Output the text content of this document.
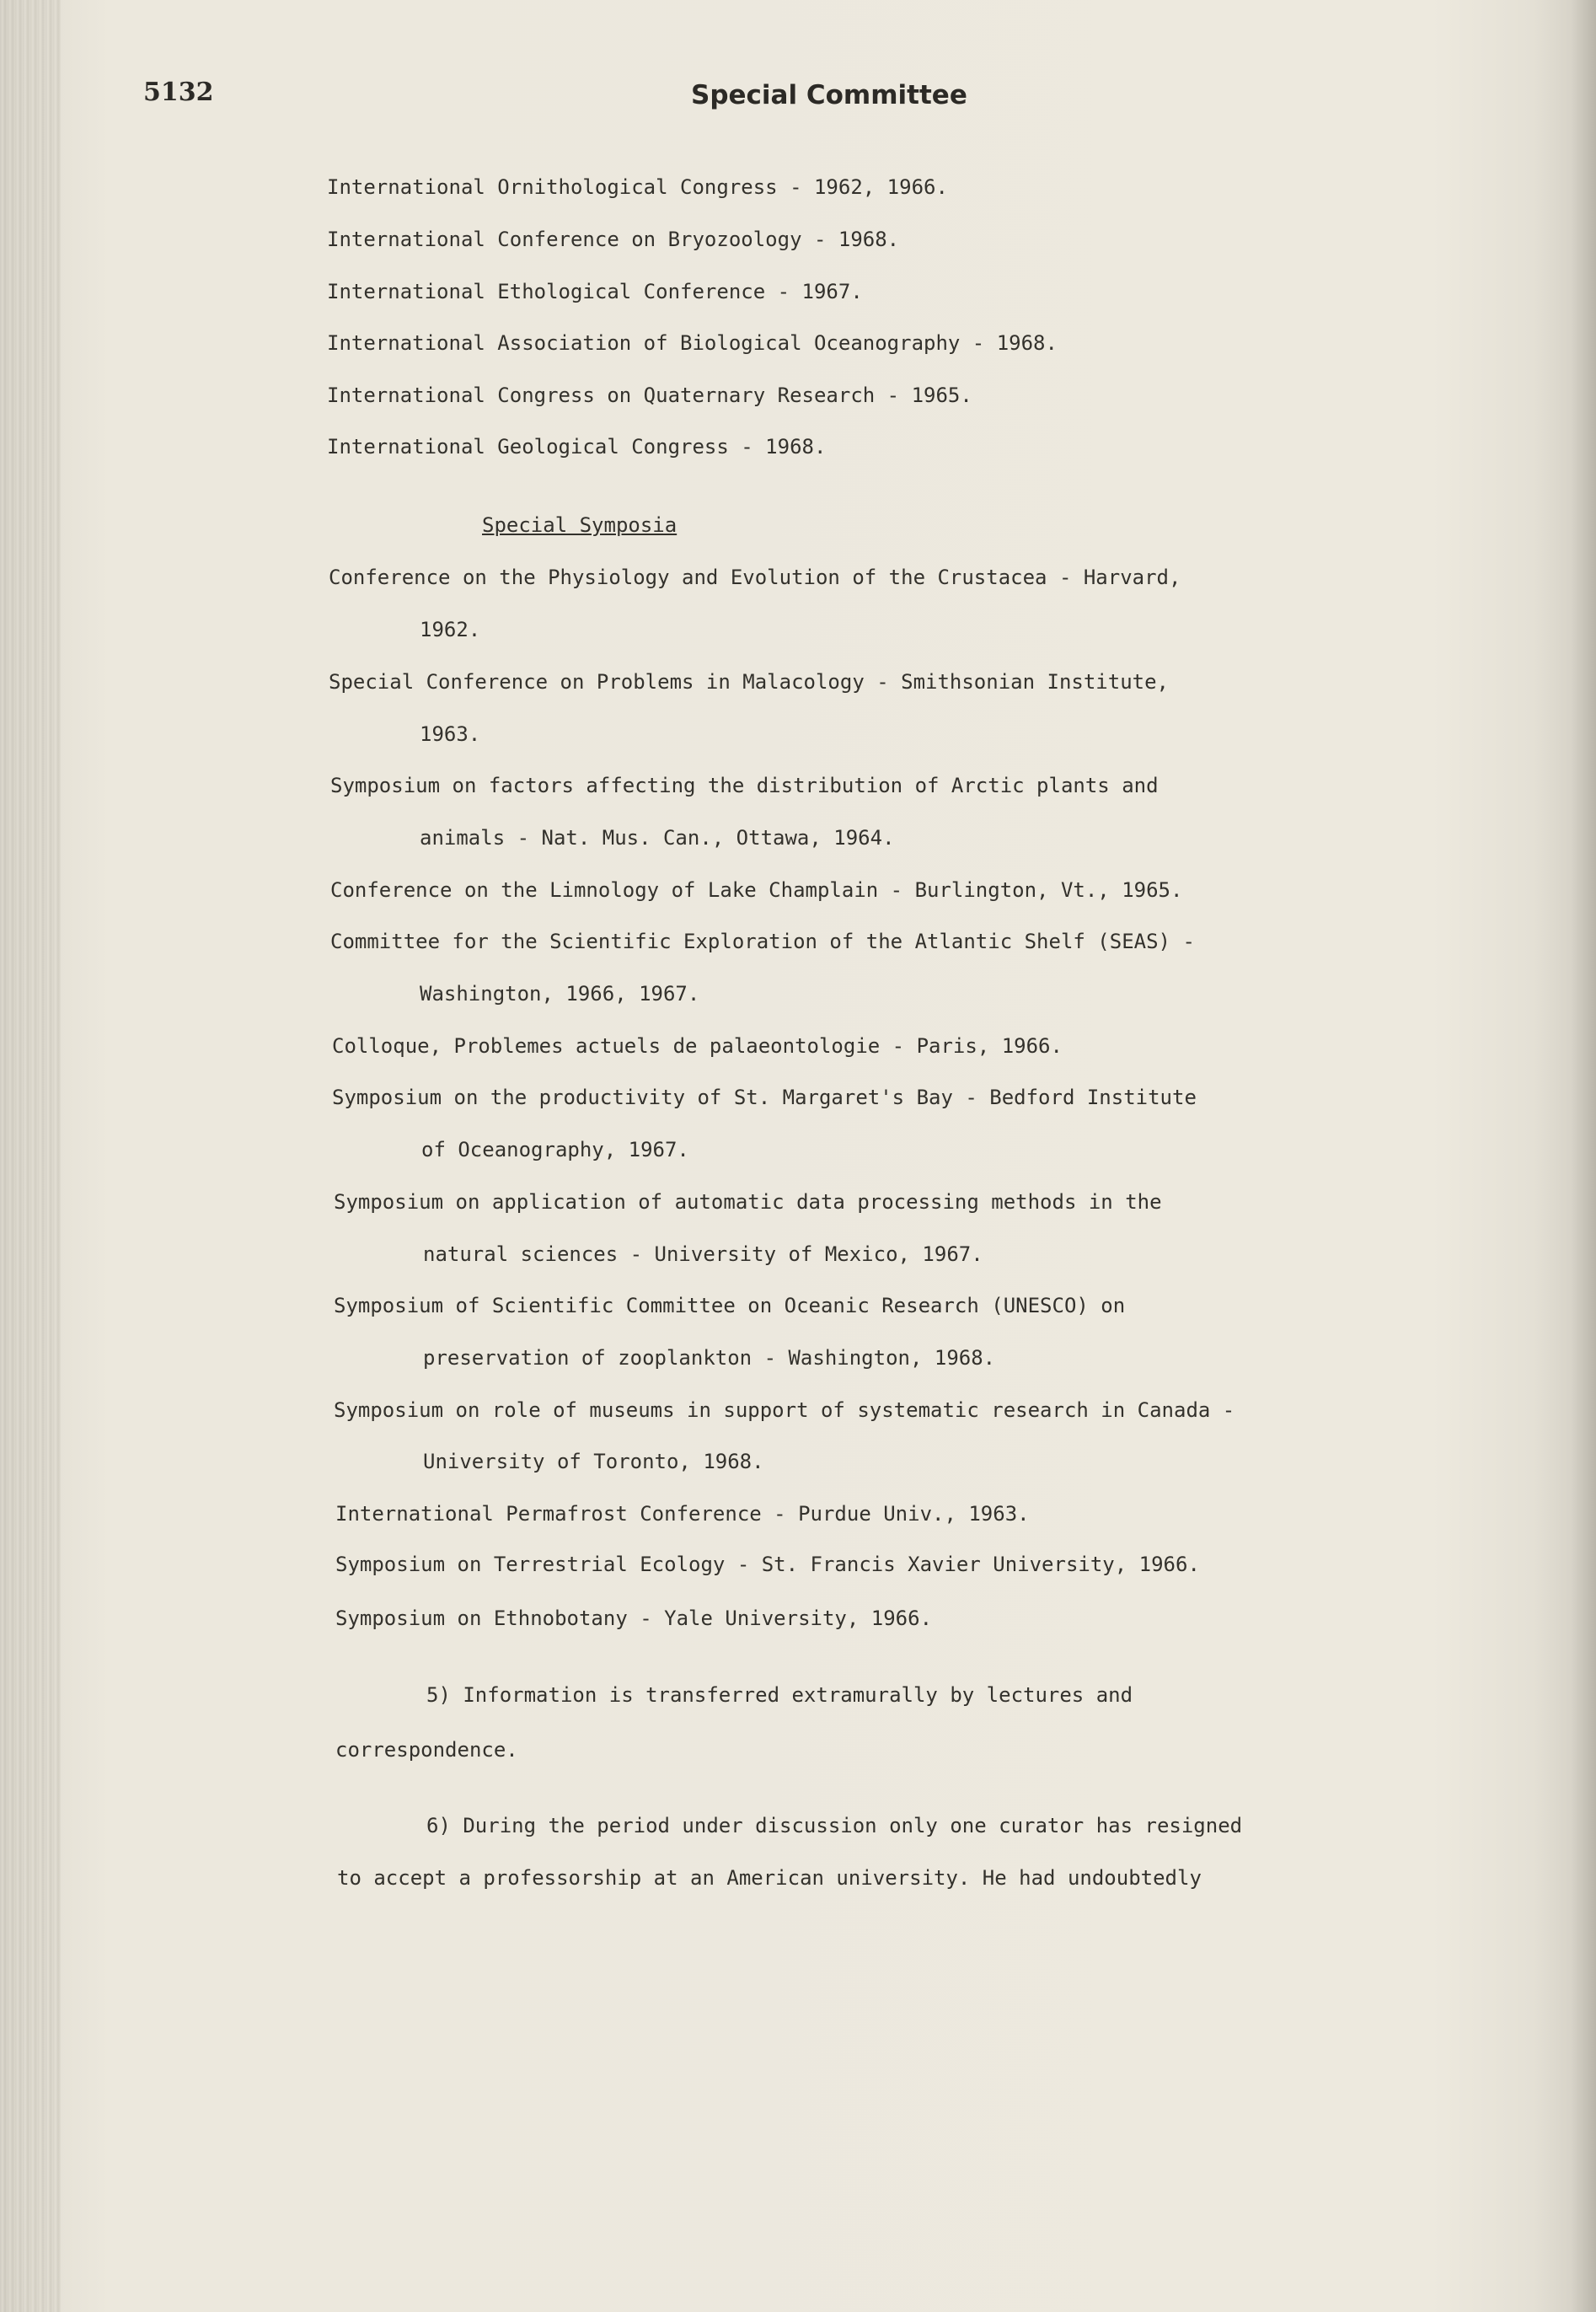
5132	Special Committee
International Ornithological Congress - 1962, 1966.
International Conference on Bryozoology - 1968.
International Ethological Conference - 1967.
International Association of Biological Oceanography - 1968.
International Congress on Quaternary Research - 1965.
International Geological Congress - 1968.
Special Symposia
Conference on the Physiology and Evolution of the Crustacea - Harvard,
1962.
Special Conference on Problems in Malacology - Smithsonian Institute,
1963.
Symposium on factors affecting the distribution of Arctic plants and
animals - Nat. Mus. Can., Ottawa, 1964.
Conference on the Limnology of Lake Champlain - Burlington, Vt., 1965.
Committee for the Scientific Exploration of the Atlantic Shelf (SEAS) -
Washington, 1966, 1967.
Colloque, Problemes actuels de palaeontologie - Paris, 1966.
Symposium on the productivity of St. Margaret's Bay - Bedford Institute
of Oceanography, 1967.
Symposium on application of automatic data processing methods in the
natural sciences - University of Mexico, 1967.
Symposium of Scientific Committee on Oceanic Research (UNESCO) on
preservation of zooplankton - Washington, 1968.
Symposium on role of museums in support of systematic research in Canada -
University of Toronto, 1968.
International Permafrost Conference - Purdue Univ., 1963.
Symposium on Terrestrial Ecology - St. Francis Xavier University, 1966.
Symposium on Ethnobotany - Yale University, 1966.
5) Information is transferred extramurally by lectures and
correspondence.
6) During the period under discussion only one curator has resigned
to accept a professorship at an American university. He had undoubtedly
